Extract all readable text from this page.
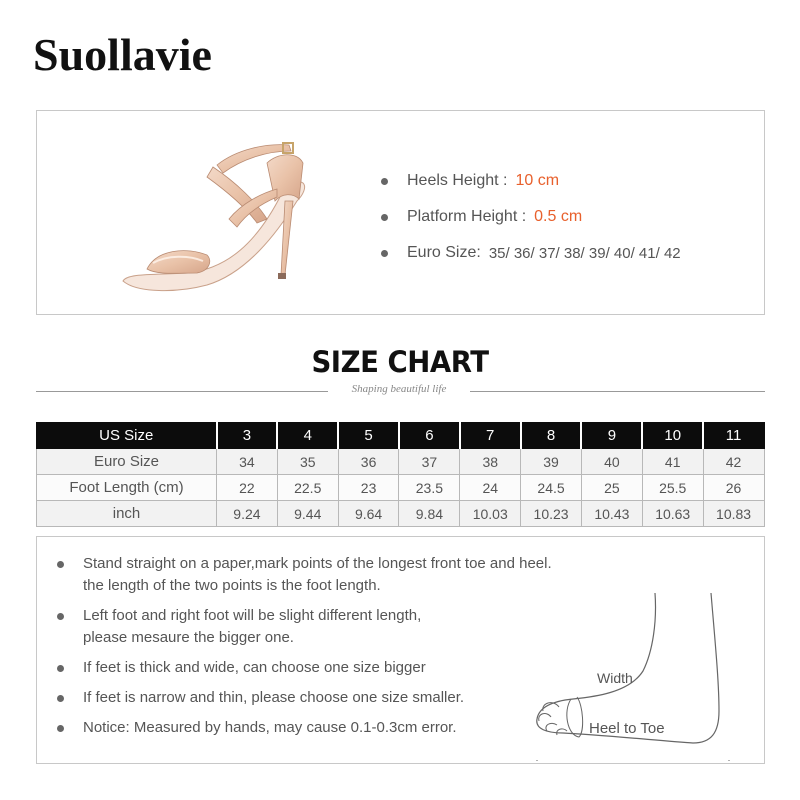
Suollavie
Heels Height : 10 cm
Platform Height : 0.5 cm
Euro Size: 35/ 36/ 37/ 38/ 39/ 40/ 41/ 42
SIZE CHART
Shaping beautiful life
US Size	3	4	5	6	7	8	9	10	11
Euro Size	34	35	36	37	38	39	40	41	42
Foot Length (cm)	22	22.5	23	23.5	24	24.5	25	25.5	26
inch	9.24	9.44	9.64	9.84	10.03	10.23	10.43	10.63	10.83
Stand straight on a paper,mark points of the longest front toe and heel.
the length of the two points is the foot length.
Left foot and right foot will be slight different length,
please mesaure the bigger one.
If feet is thick and wide, can choose one size bigger
If feet is narrow and thin, please choose one size smaller.
Notice: Measured by hands, may cause 0.1-0.3cm error.
Width
Heel to Toe
